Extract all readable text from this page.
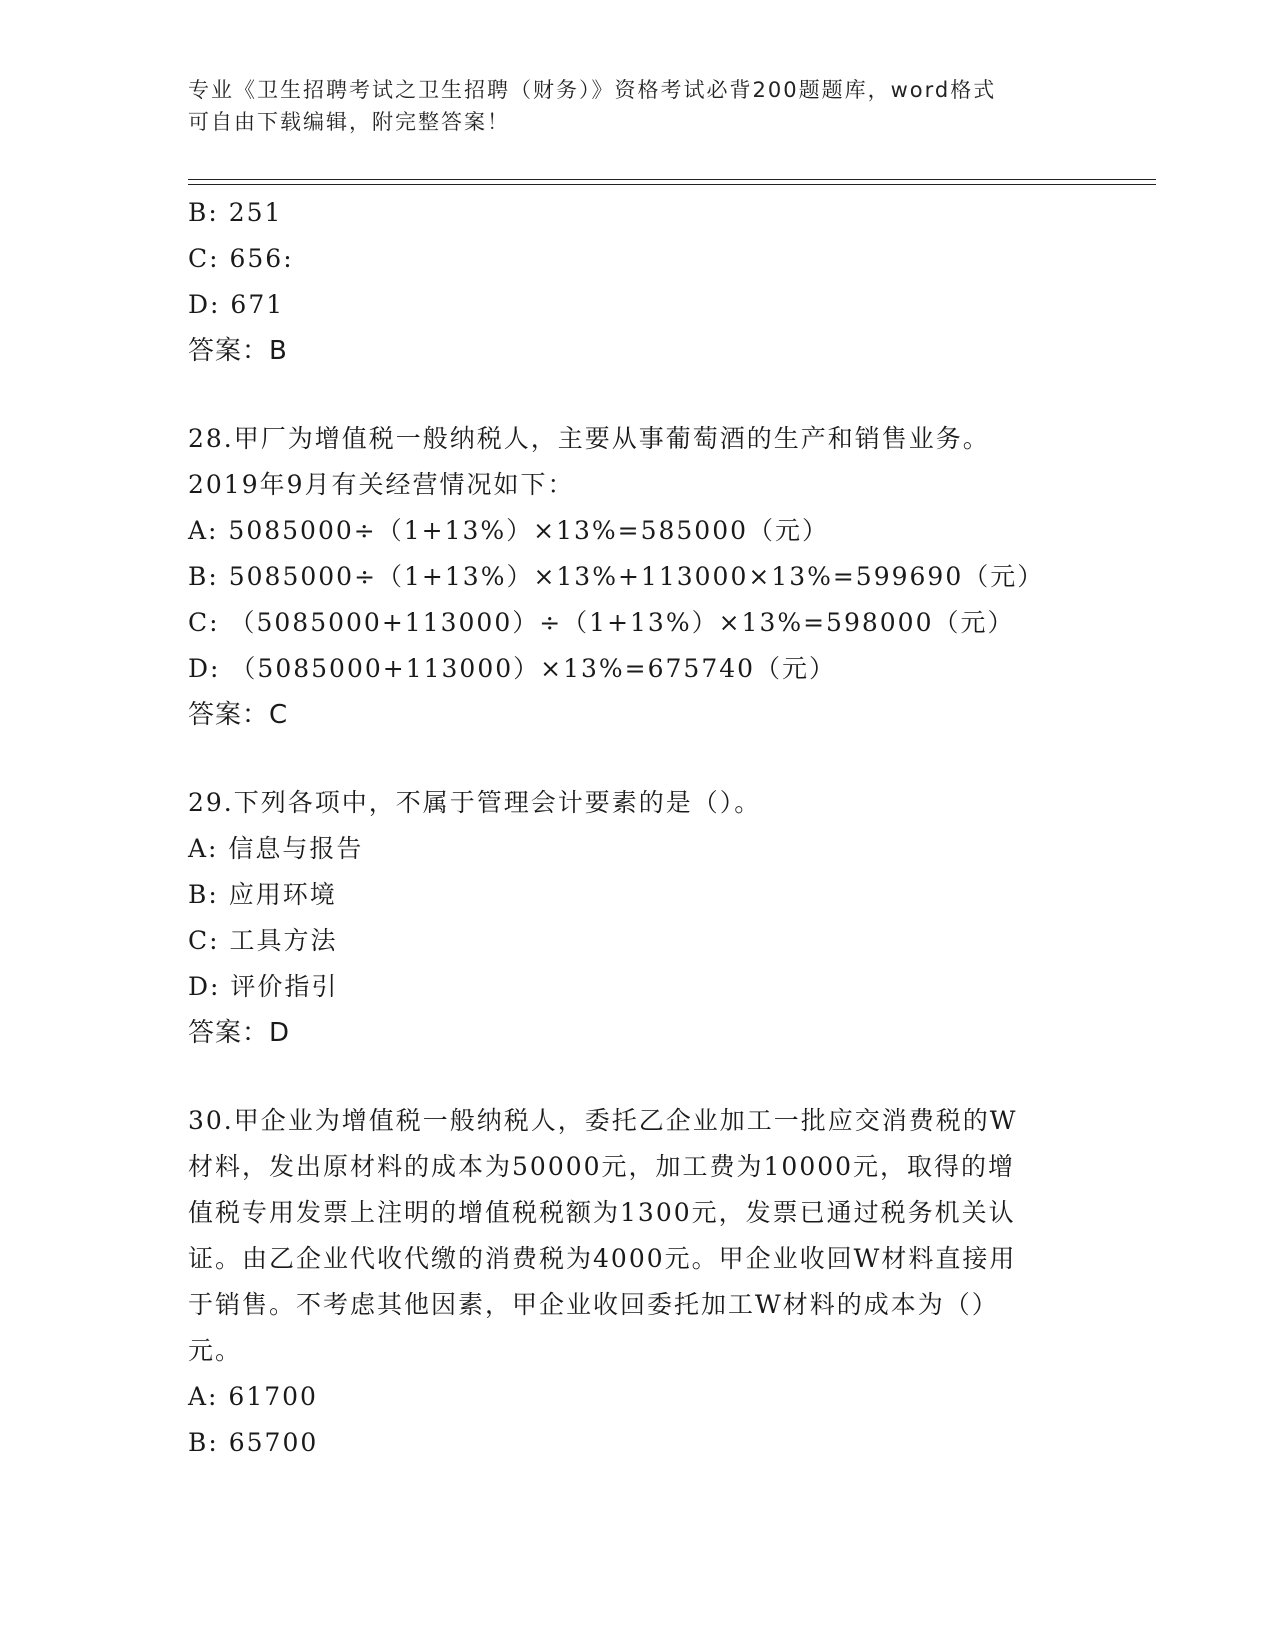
专业《卫生招聘考试之卫生招聘（财务）》资格考试必背200题题库，word格式
可自由下载编辑，附完整答案！
B: 251
C: 656:
D: 671
答案：B
28.甲厂为增值税一般纳税人，主要从事葡萄酒的生产和销售业务。
2019年9月有关经营情况如下：
A: 5085000÷（1+13%）×13%=585000（元）
B: 5085000÷（1+13%）×13%+113000×13%=599690（元）
C: （5085000+113000）÷（1+13%）×13%=598000（元）
D: （5085000+113000）×13%=675740（元）
答案：C
29.下列各项中，不属于管理会计要素的是（）。
A: 信息与报告
B: 应用环境
C: 工具方法
D: 评价指引
答案：D
30.甲企业为增值税一般纳税人，委托乙企业加工一批应交消费税的W
材料，发出原材料的成本为50000元，加工费为10000元，取得的增
值税专用发票上注明的增值税税额为1300元，发票已通过税务机关认
证。由乙企业代收代缴的消费税为4000元。甲企业收回W材料直接用
于销售。不考虑其他因素，甲企业收回委托加工W材料的成本为（）
元。
A: 61700
B: 65700
